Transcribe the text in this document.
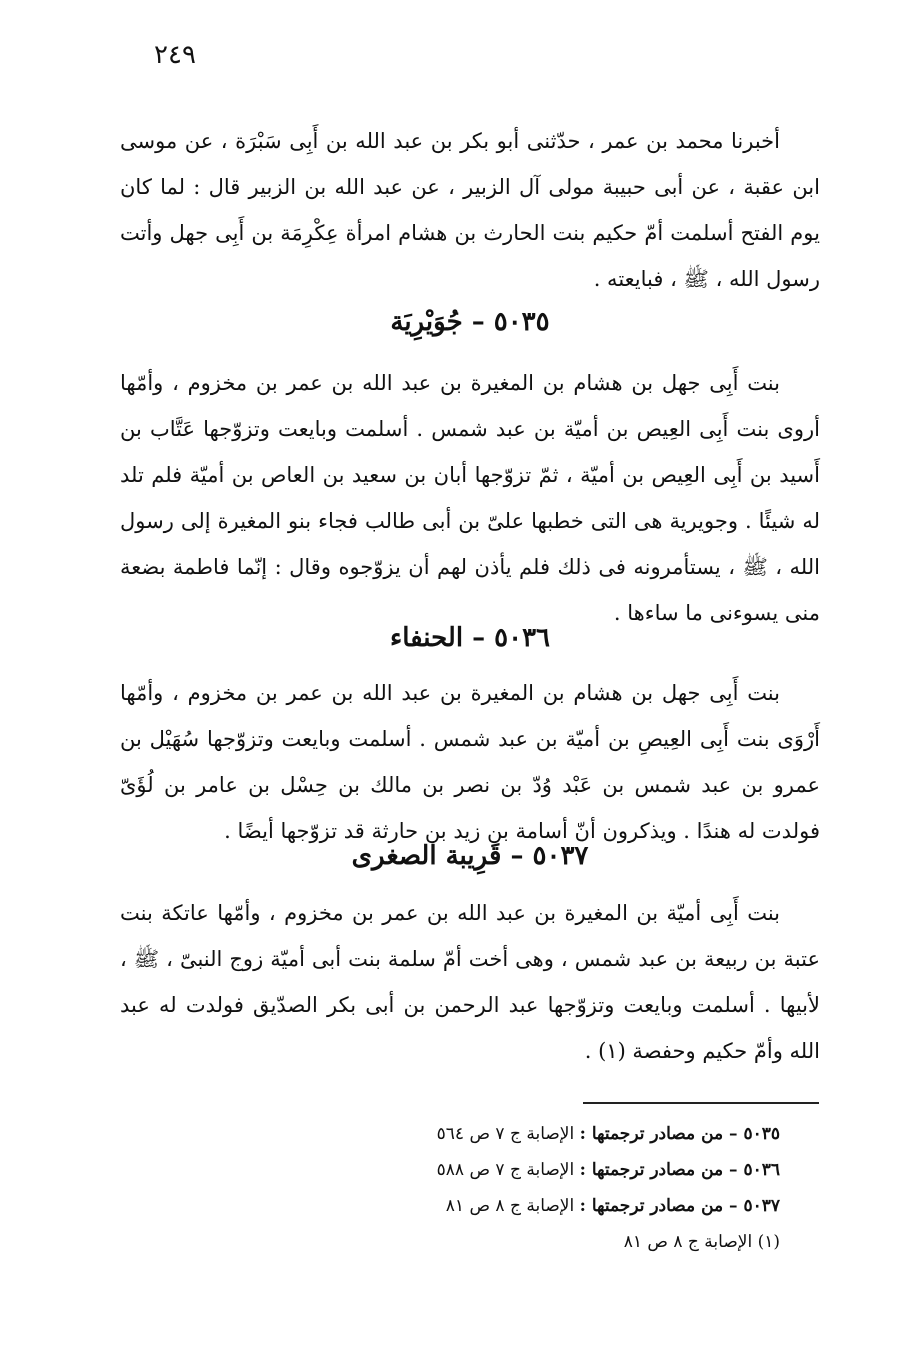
٢٤٩

أخبرنا محمد بن عمر ، حدّثنى أبو بكر بن عبد الله بن أَبِى سَبْرَة ، عن موسى ابن عقبة ، عن أبى حبيبة مولى آل الزبير ، عن عبد الله بن الزبير قال : لما كان يوم الفتح أسلمت أمّ حكيم بنت الحارث بن هشام امرأة عِكْرِمَة بن أَبِى جهل وأتت رسول الله ، ﷺ ، فبايعته .

٥٠٣٥ – جُوَيْرِيَة

بنت أَبِى جهل بن هشام بن المغيرة بن عبد الله بن عمر بن مخزوم ، وأمّها أروى بنت أَبِى العِيص بن أميّة بن عبد شمس . أسلمت وبايعت وتزوّجها عَتَّاب بن أَسيد بن أَبِى العِيص بن أميّة ، ثمّ تزوّجها أبان بن سعيد بن العاص بن أميّة فلم تلد له شيئًا . وجويرية هى التى خطبها علىّ بن أبى طالب فجاء بنو المغيرة إلى رسول الله ، ﷺ ، يستأمرونه فى ذلك فلم يأذن لهم أن يزوّجوه وقال : إنّما فاطمة بضعة منى يسوءنى ما ساءها .

٥٠٣٦ – الحنفاء

بنت أَبِى جهل بن هشام بن المغيرة بن عبد الله بن عمر بن مخزوم ، وأمّها أَرْوَى بنت أَبِى العِيصِ بن أميّة بن عبد شمس . أسلمت وبايعت وتزوّجها سُهَيْل بن عمرو بن عبد شمس بن عَبْد وُدّ بن نصر بن مالك بن حِسْل بن عامر بن لُؤَىّ فولدت له هندًا . ويذكرون أنّ أسامة بن زيد بن حارثة قد تزوّجها أيضًا .

٥٠٣٧ – قَرِيبة الصغرى

بنت أَبِى أميّة بن المغيرة بن عبد الله بن عمر بن مخزوم ، وأمّها عاتكة بنت عتبة بن ربيعة بن عبد شمس ، وهى أخت أمّ سلمة بنت أبى أميّة زوج النبىّ ، ﷺ ، لأبيها . أسلمت وبايعت وتزوّجها عبد الرحمن بن أبى بكر الصدّيق فولدت له عبد الله وأمّ حكيم وحفصة (١) .

٥٠٣٥ – من مصادر ترجمتها : الإصابة ج ٧ ص ٥٦٤

٥٠٣٦ – من مصادر ترجمتها : الإصابة ج ٧ ص ٥٨٨

٥٠٣٧ – من مصادر ترجمتها : الإصابة ج ٨ ص ٨١

(١) الإصابة ج ٨ ص ٨١
